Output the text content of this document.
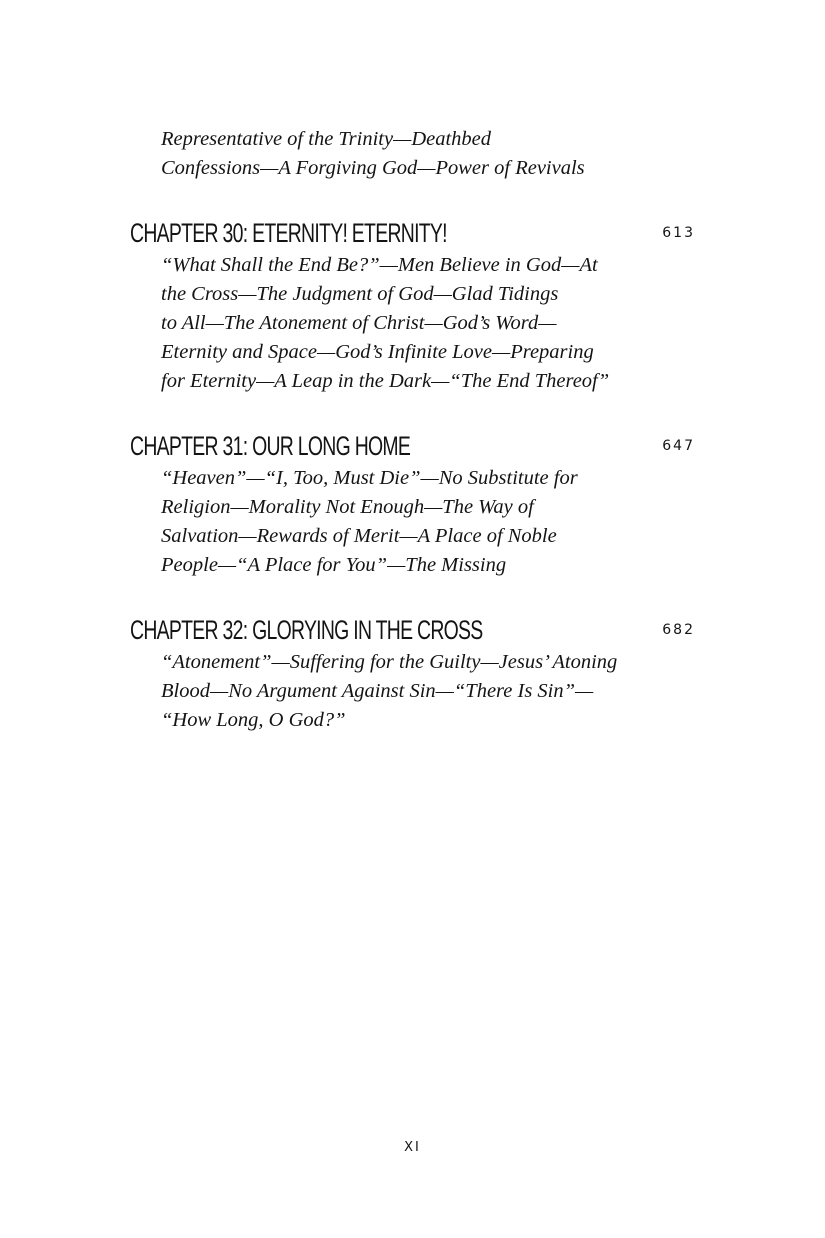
Representative of the Trinity—Deathbed
Confessions—A Forgiving God—Power of Revivals
CHAPTER 30: ETERNITY! ETERNITY!	613
“What Shall the End Be?”—Men Believe in God—At
the Cross—The Judgment of God—Glad Tidings
to All—The Atonement of Christ—God’s Word—
Eternity and Space—God’s Infinite Love—Preparing
for Eternity—A Leap in the Dark—“The End Thereof”
CHAPTER 31: OUR LONG HOME	647
“Heaven”—“I, Too, Must Die”—No Substitute for
Religion—Morality Not Enough—The Way of
Salvation—Rewards of Merit—A Place of Noble
People—“A Place for You”—The Missing
CHAPTER 32: GLORYING IN THE CROSS	682
“Atonement”—Suffering for the Guilty—Jesus’ Atoning
Blood—No Argument Against Sin—“There Is Sin”—
“How Long, O God?”
XI
